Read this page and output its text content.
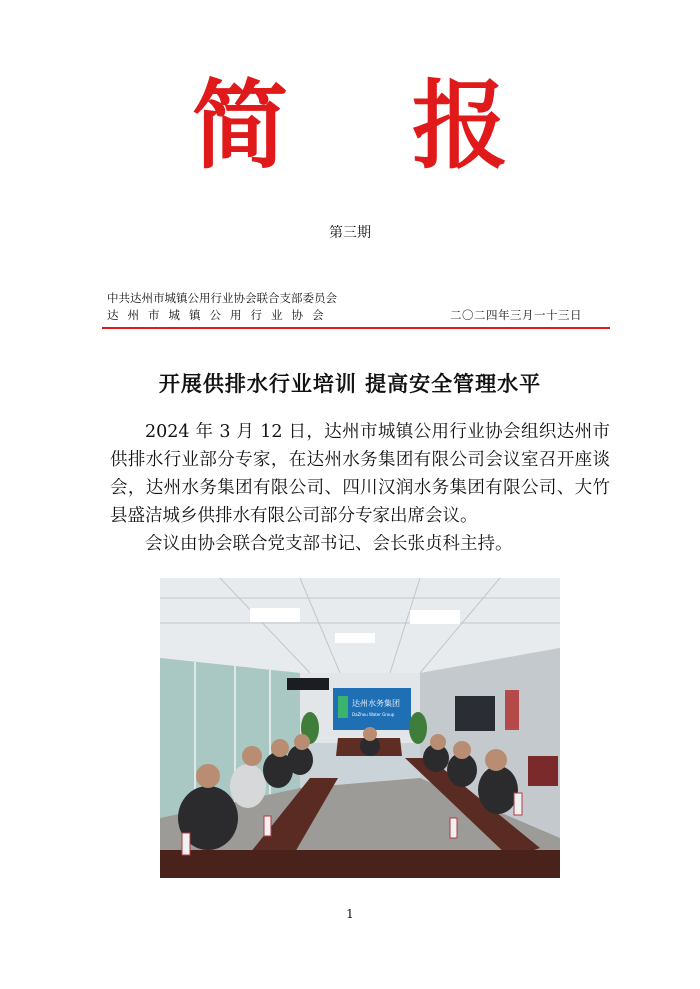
简 报
第三期
中共达州市城镇公用行业协会联合支部委员会
达州市城镇公用行业协会	二〇二四年三月一十三日
开展供排水行业培训 提高安全管理水平

2024 年 3 月 12 日，达州市城镇公用行业协会组织达州市供排水行业部分专家，在达州水务集团有限公司会议室召开座谈会，达州水务集团有限公司、四川汉润水务集团有限公司、大竹县盛洁城乡供排水有限公司部分专家出席会议。

会议由协会联合党支部书记、会长张贞科主持。

达州水务集团
DaZhou Water Group
1
